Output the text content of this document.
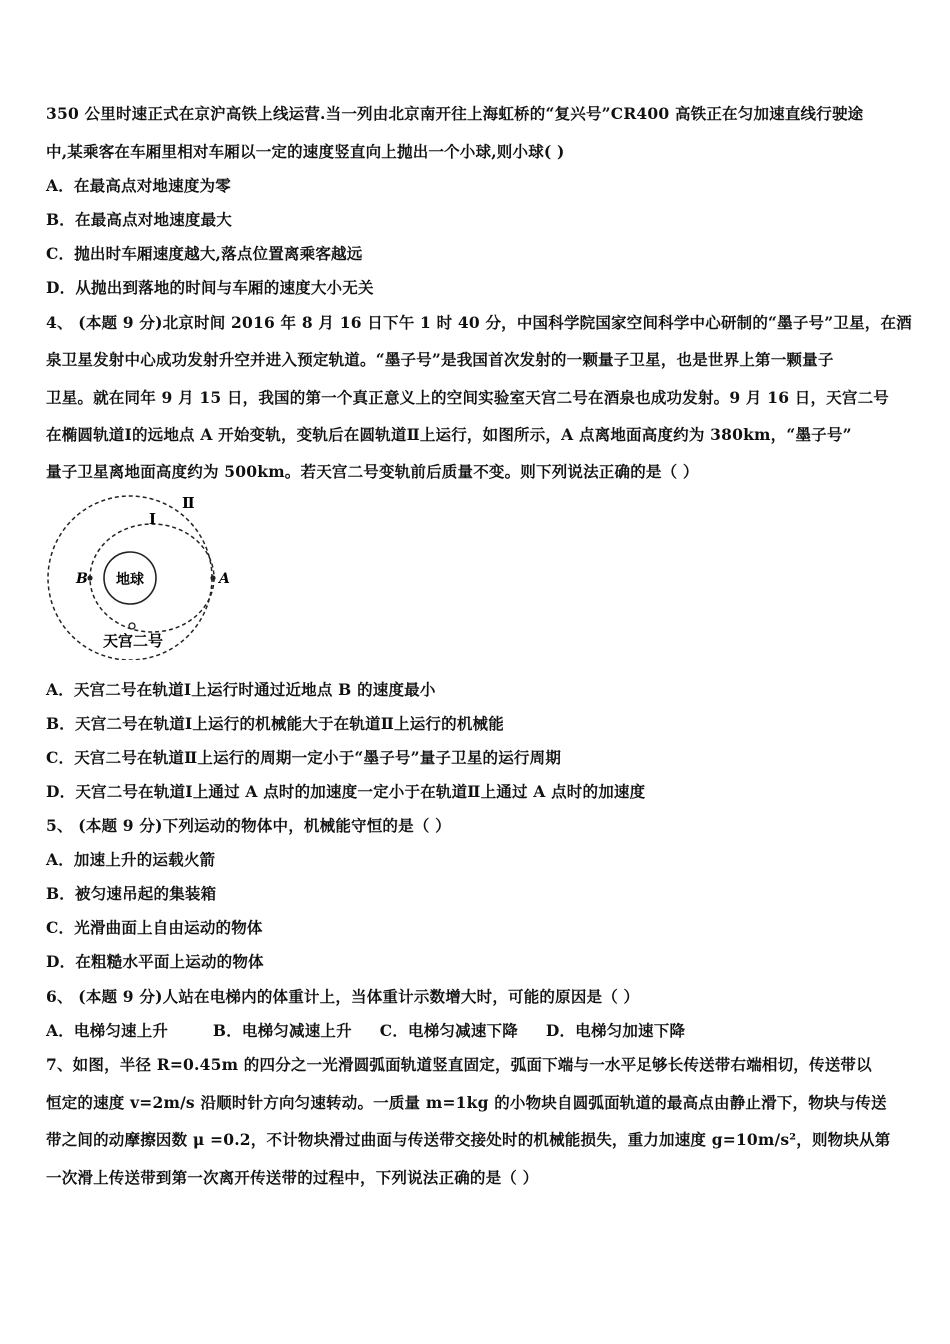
350 公里时速正式在京沪高铁上线运营.当一列由北京南开往上海虹桥的“复兴号”CR400 高铁正在匀加速直线行驶途
中,某乘客在车厢里相对车厢以一定的速度竖直向上抛出一个小球,则小球( )
A．在最高点对地速度为零
B．在最高点对地速度最大
C．抛出时车厢速度越大,落点位置离乘客越远
D．从抛出到落地的时间与车厢的速度大小无关
4、 (本题 9 分)北京时间 2016 年 8 月 16 日下午 1 时 40 分，中国科学院国家空间科学中心研制的“墨子号”卫星，在酒
泉卫星发射中心成功发射升空并进入预定轨道。“墨子号”是我国首次发射的一颗量子卫星，也是世界上第一颗量子
卫星。就在同年 9 月 15 日，我国的第一个真正意义上的空间实验室天宫二号在酒泉也成功发射。9 月 16 日，天宫二号
在椭圆轨道Ⅰ的远地点 A 开始变轨，变轨后在圆轨道Ⅱ上运行，如图所示，A 点离地面高度约为 380km，“墨子号”
量子卫星离地面高度约为 500km。若天宫二号变轨前后质量不变。则下列说法正确的是（ ）
地球
B	A
Ⅱ
Ⅰ
天宫二号
A．天宫二号在轨道Ⅰ上运行时通过近地点 B 的速度最小
B．天宫二号在轨道Ⅰ上运行的机械能大于在轨道Ⅱ上运行的机械能
C．天宫二号在轨道Ⅱ上运行的周期一定小于“墨子号”量子卫星的运行周期
D．天宫二号在轨道Ⅰ上通过 A 点时的加速度一定小于在轨道Ⅱ上通过 A 点时的加速度
5、 (本题 9 分)下列运动的物体中，机械能守恒的是（ ）
A．加速上升的运载火箭
B．被匀速吊起的集装箱
C．光滑曲面上自由运动的物体
D．在粗糙水平面上运动的物体
6、 (本题 9 分)人站在电梯内的体重计上，当体重计示数增大时，可能的原因是（ ）
A．电梯匀速上升        B．电梯匀减速上升     C．电梯匀减速下降     D．电梯匀加速下降
7、如图，半径 R=0.45m 的四分之一光滑圆弧面轨道竖直固定，弧面下端与一水平足够长传送带右端相切，传送带以
恒定的速度 v=2m/s 沿顺时针方向匀速转动。一质量 m=1kg 的小物块自圆弧面轨道的最高点由静止滑下，物块与传送
带之间的动摩擦因数 μ =0.2，不计物块滑过曲面与传送带交接处时的机械能损失，重力加速度 g=10m/s²，则物块从第
一次滑上传送带到第一次离开传送带的过程中，下列说法正确的是（ ）
